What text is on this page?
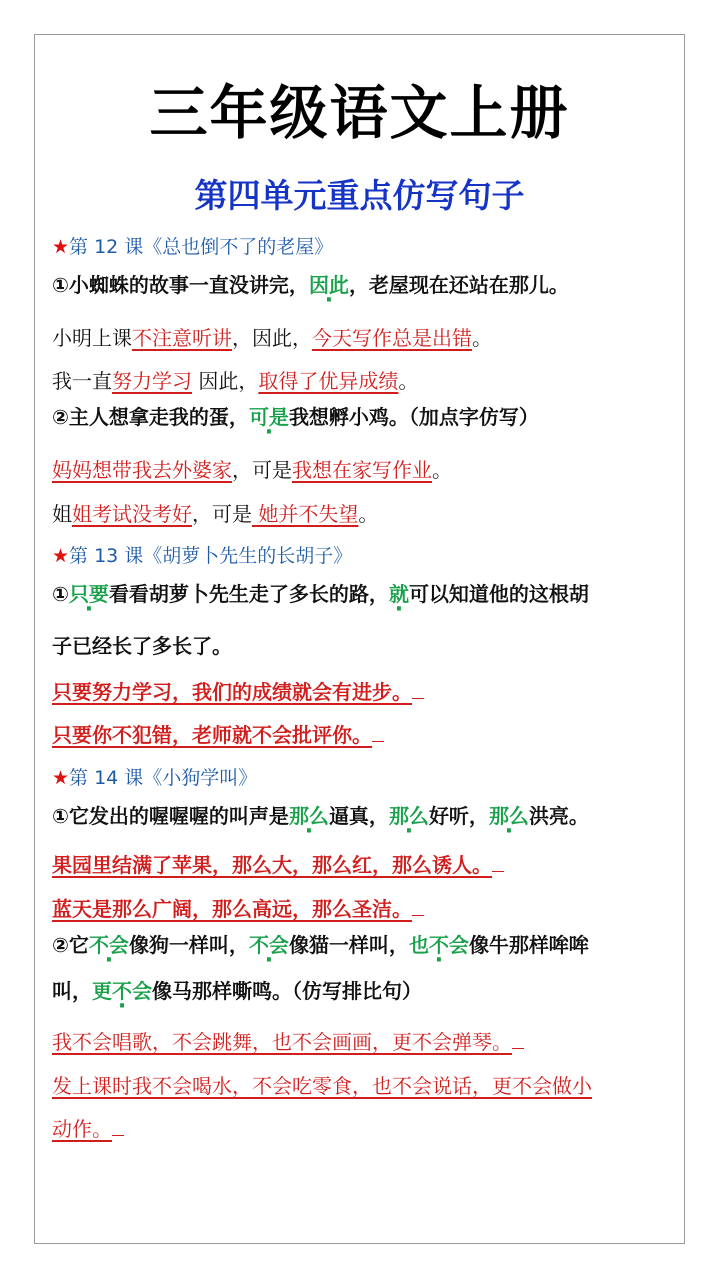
三年级语文上册
第四单元重点仿写句子
★第 12 课《总也倒不了的老屋》
①小蜘蛛的故事一直没讲完，因此，老屋现在还站在那儿。
小明上课不注意听讲，因此，今天写作总是出错。
我一直努力学习 因此，取得了优异成绩。
②主人想拿走我的蛋，可是我想孵小鸡。（加点字仿写）
妈妈想带我去外婆家，可是我想在家写作业。
姐姐考试没考好，可是 她并不失望。
★第 13 课《胡萝卜先生的长胡子》
①只要看看胡萝卜先生走了多长的路，就可以知道他的这根胡
子已经长了多长了。
只要努力学习，我们的成绩就会有进步。
只要你不犯错，老师就不会批评你。
★第 14 课《小狗学叫》
①它发出的喔喔喔的叫声是那么逼真，那么好听，那么洪亮。
果园里结满了苹果，那么大，那么红，那么诱人。
蓝天是那么广阔，那么高远，那么圣洁。
②它不会像狗一样叫，不会像猫一样叫，也不会像牛那样哞哞
叫，更不会像马那样嘶鸣。（仿写排比句）
我不会唱歌，不会跳舞，也不会画画，更不会弹琴。
发上课时我不会喝水，不会吃零食，也不会说话，更不会做小
动作。
